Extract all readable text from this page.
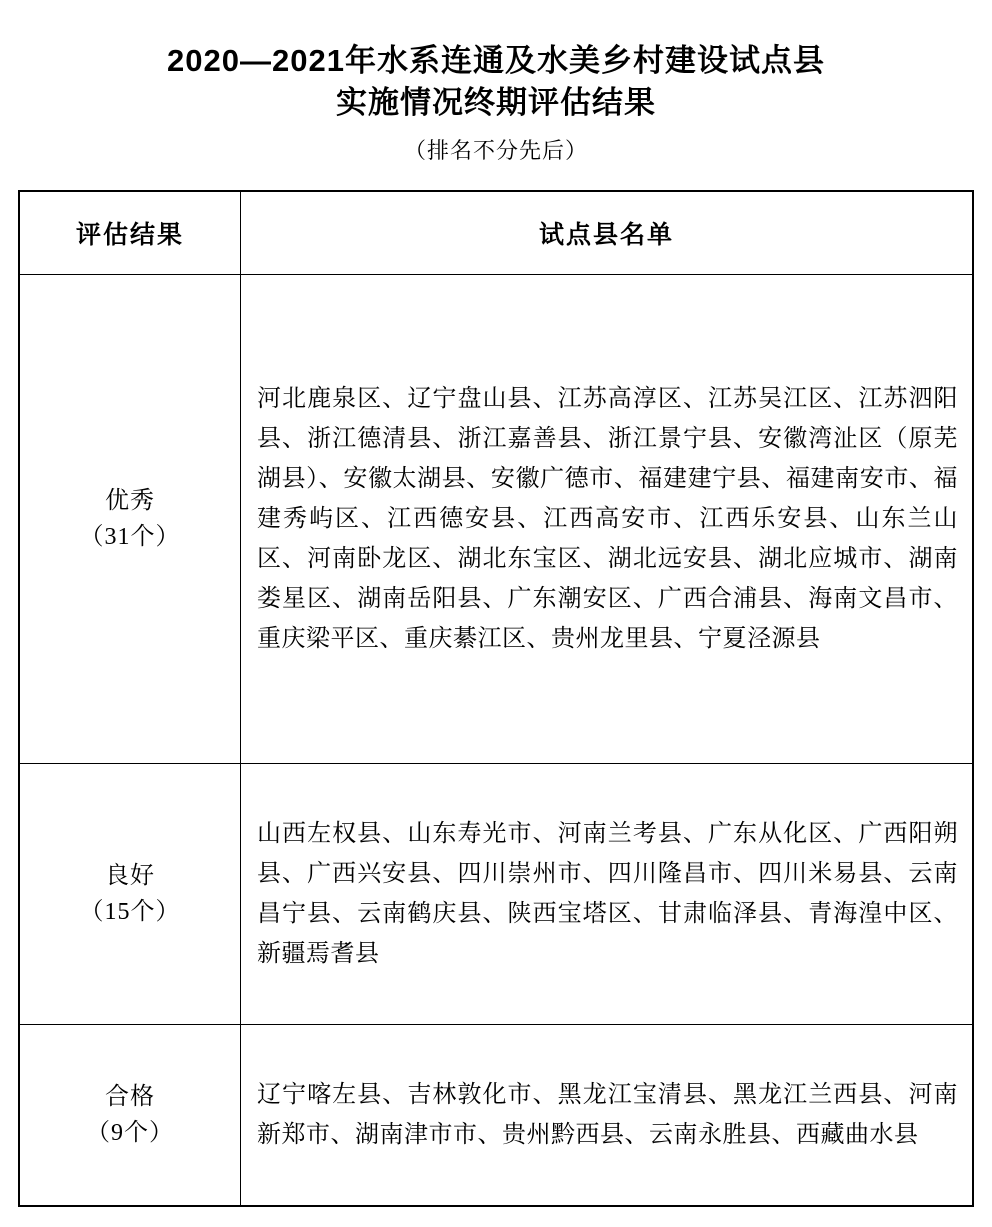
2020—2021年水系连通及水美乡村建设试点县
实施情况终期评估结果
（排名不分先后）
评估结果	试点县名单

优秀
（31个）	河北鹿泉区、辽宁盘山县、江苏高淳区、江苏吴江区、江苏泗阳县、浙江德清县、浙江嘉善县、浙江景宁县、安徽湾沚区（原芜湖县）、安徽太湖县、安徽广德市、福建建宁县、福建南安市、福建秀屿区、江西德安县、江西高安市、江西乐安县、山东兰山区、河南卧龙区、湖北东宝区、湖北远安县、湖北应城市、湖南娄星区、湖南岳阳县、广东潮安区、广西合浦县、海南文昌市、重庆梁平区、重庆綦江区、贵州龙里县、宁夏泾源县

良好
（15个）	山西左权县、山东寿光市、河南兰考县、广东从化区、广西阳朔县、广西兴安县、四川崇州市、四川隆昌市、四川米易县、云南昌宁县、云南鹤庆县、陕西宝塔区、甘肃临泽县、青海湟中区、新疆焉耆县

合格
（9个）	辽宁喀左县、吉林敦化市、黑龙江宝清县、黑龙江兰西县、河南新郑市、湖南津市市、贵州黔西县、云南永胜县、西藏曲水县
